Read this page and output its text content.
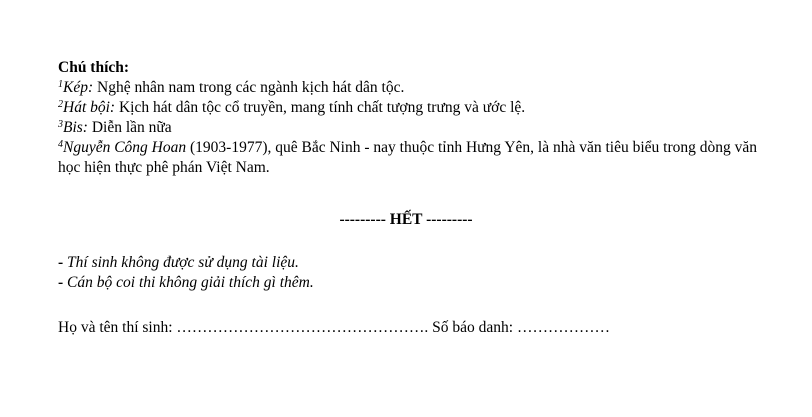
Chú thích:

$^1$Kép: Nghệ nhân nam trong các ngành kịch hát dân tộc.

$^2$Hát bội: Kịch hát dân tộc cổ truyền, mang tính chất tượng trưng và ước lệ.

$^3$Bis: Diễn lần nữa

$^4$Nguyễn Công Hoan (1903-1977), quê Bắc Ninh - nay thuộc tỉnh Hưng Yên, là nhà văn tiêu biểu trong dòng văn học hiện thực phê phán Việt Nam.

--------- HẾT ---------

- Thí sinh không được sử dụng tài liệu.

- Cán bộ coi thi không giải thích gì thêm.

Họ và tên thí sinh: …………………………………………. Số báo danh: ………………
